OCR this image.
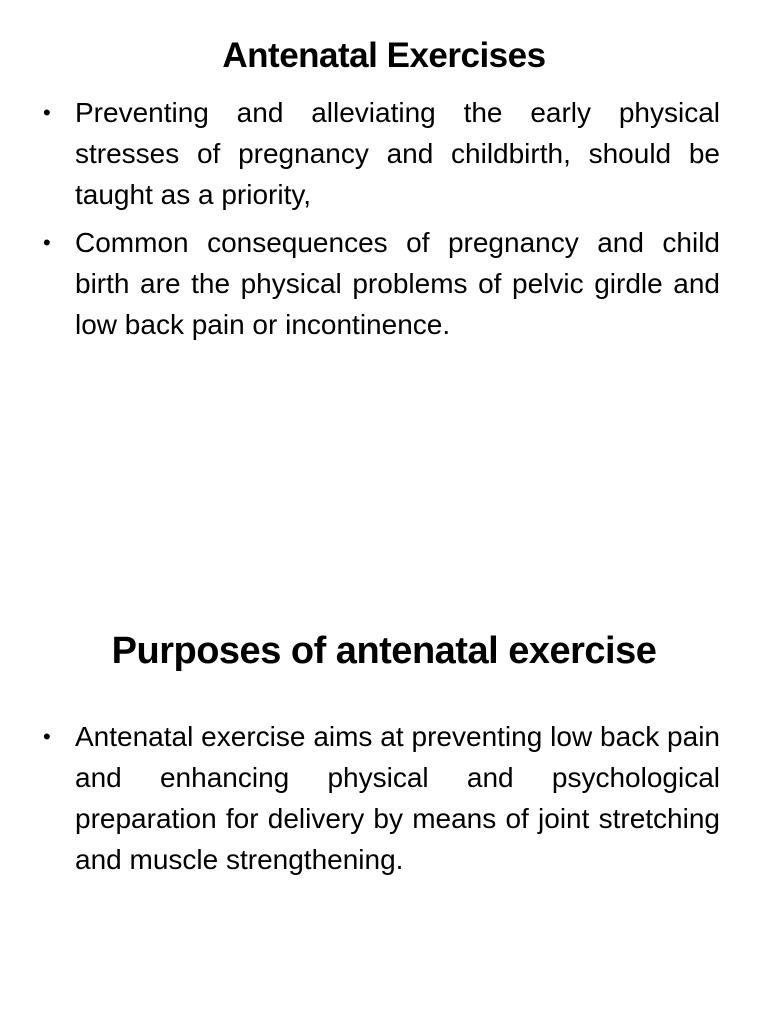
Antenatal Exercises
• Preventing and alleviating the early physical stresses of pregnancy and childbirth, should be taught as a priority,
• Common consequences of pregnancy and child birth are the physical problems of pelvic girdle and low back pain or incontinence.
Purposes of antenatal exercise
• Antenatal exercise aims at preventing low back pain and enhancing physical and psychological preparation for delivery by means of joint stretching and muscle strengthening.
